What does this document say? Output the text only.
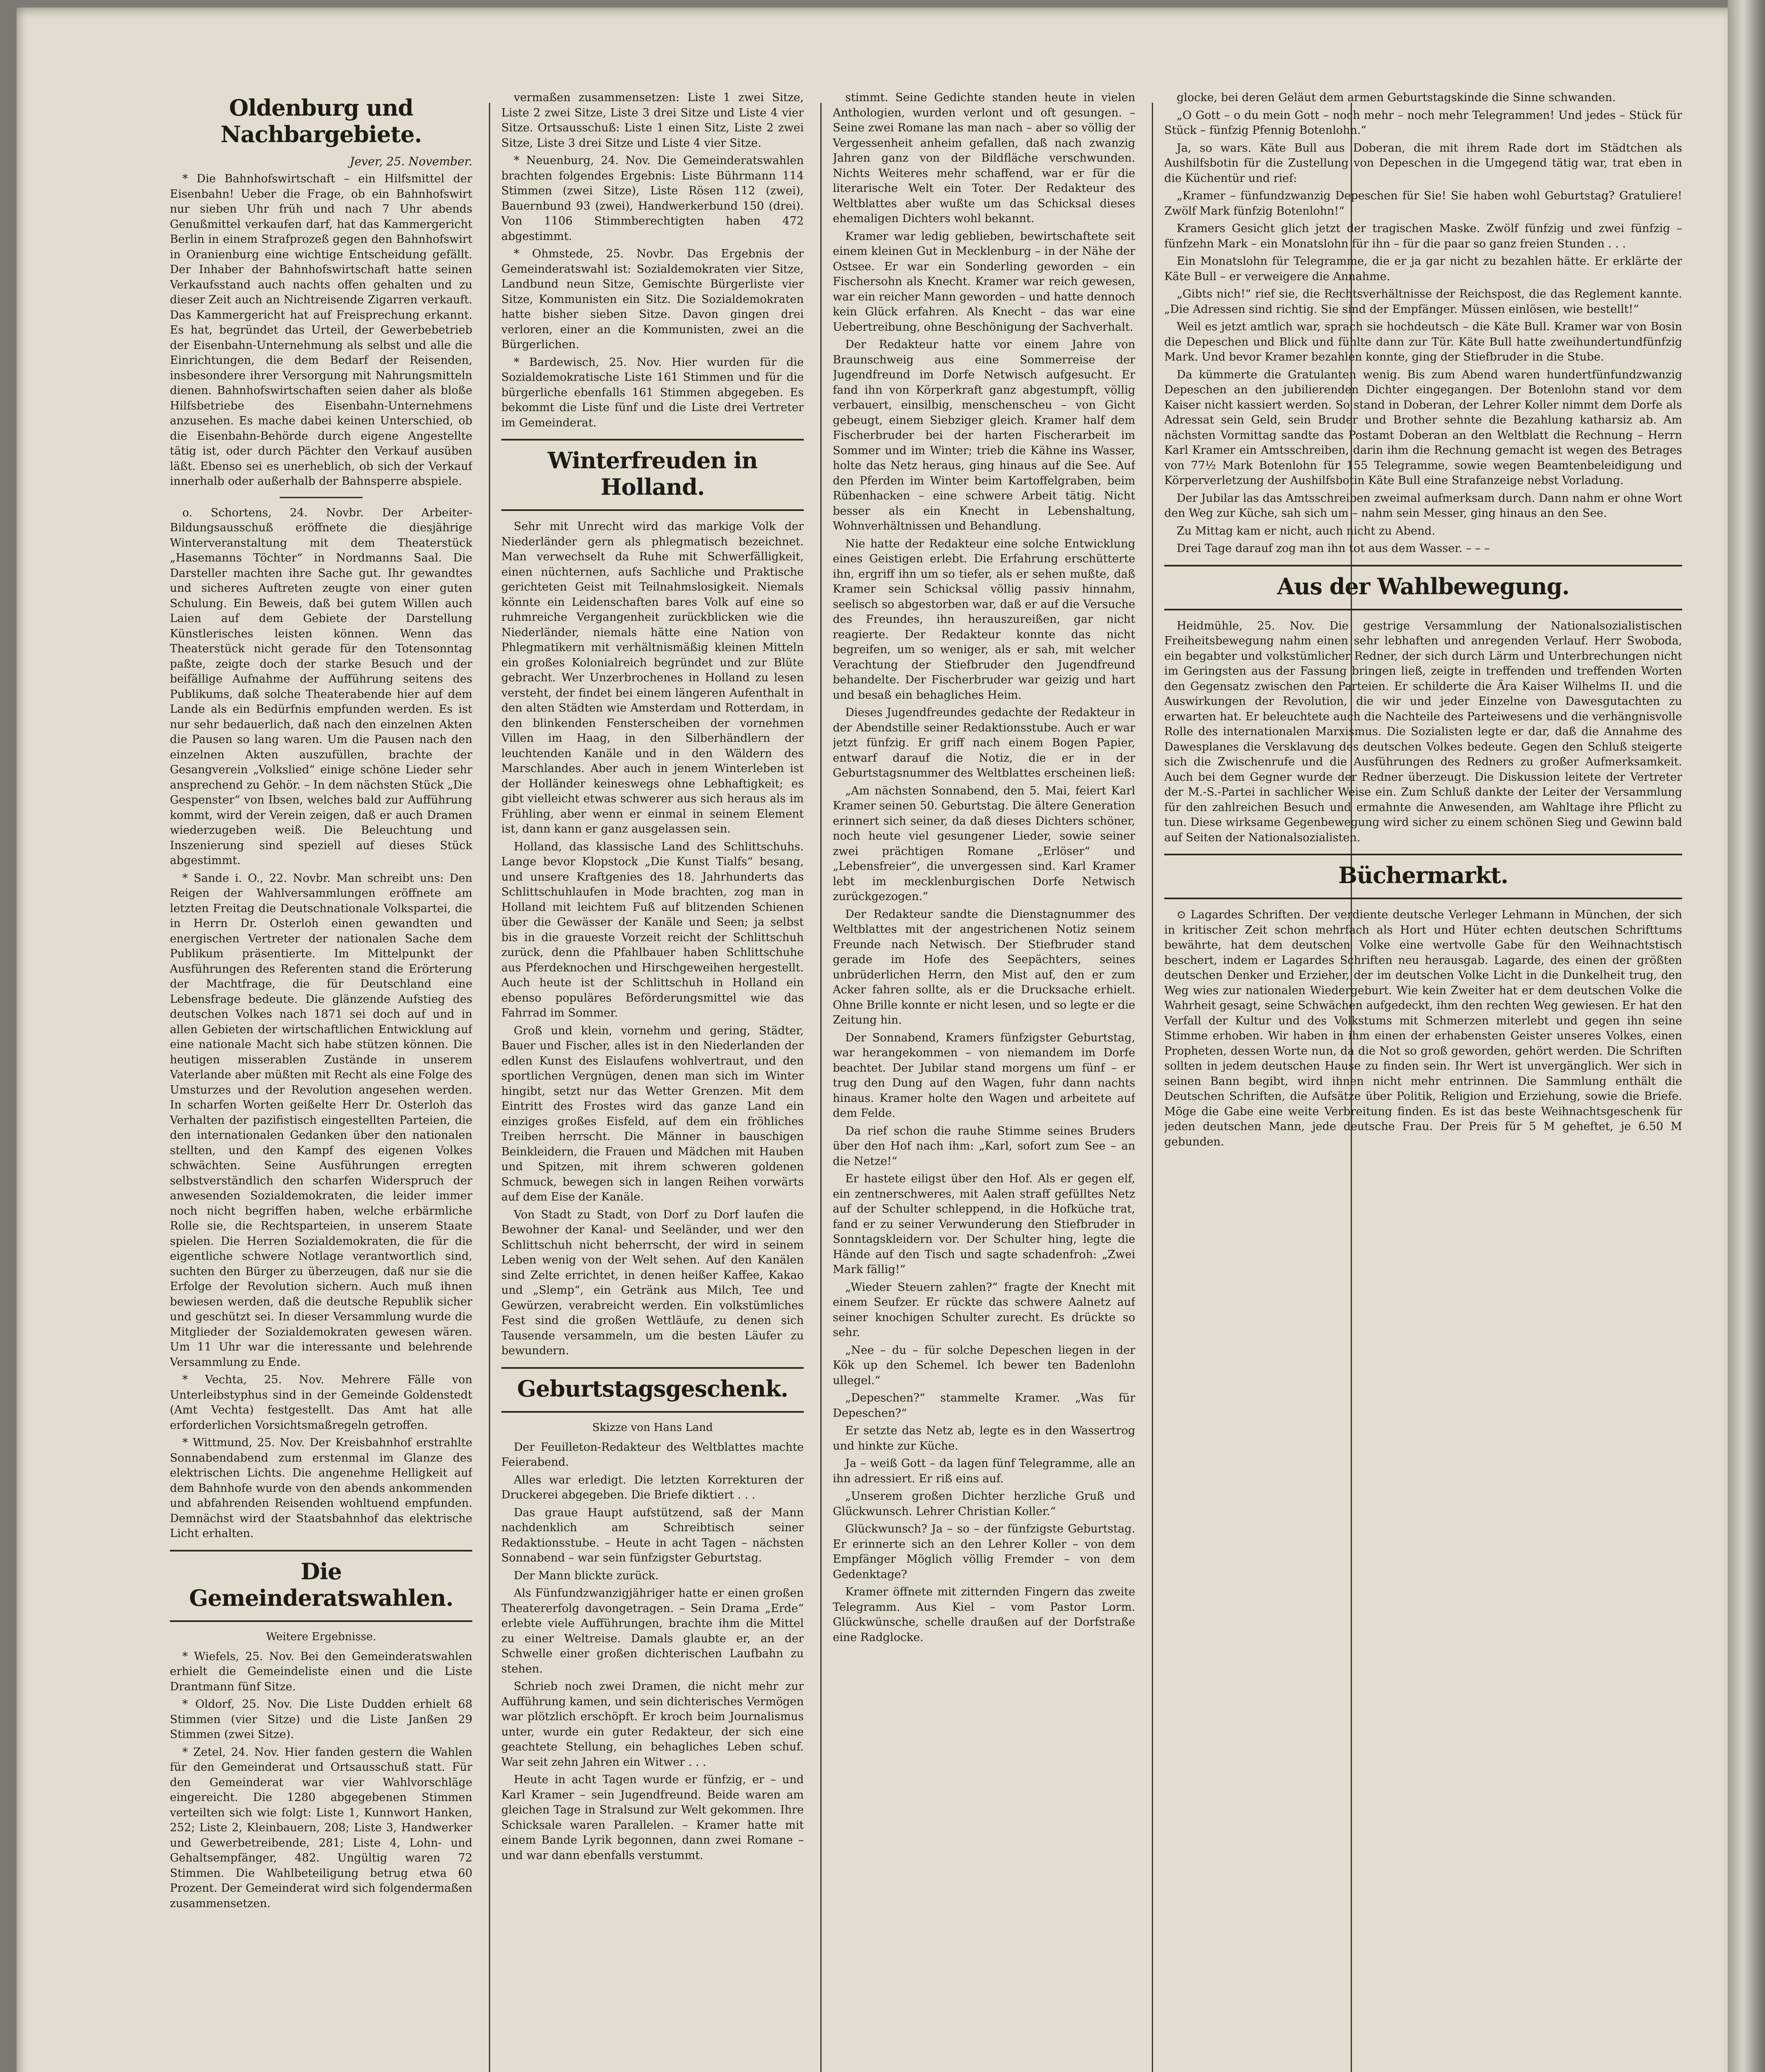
Oldenburg und Nachbargebiete.
Jever, 25. November.

* Die Bahnhofswirtschaft – ein Hilfsmittel der Eisenbahn! Ueber die Frage, ob ein Bahnhofswirt nur sieben Uhr früh und nach 7 Uhr abends Genußmittel verkaufen darf, hat das Kammergericht Berlin in einem Strafprozeß gegen den Bahnhofswirt in Oranienburg eine wichtige Entscheidung gefällt. Der Inhaber der Bahnhofswirtschaft hatte seinen Verkaufsstand auch nachts offen gehalten und zu dieser Zeit auch an Nichtreisende Zigarren verkauft. Das Kammergericht hat auf Freisprechung erkannt. Es hat, begründet das Urteil, der Gewerbebetrieb der Eisenbahn-Unternehmung als selbst und alle die Einrichtungen, die dem Bedarf der Reisenden, insbesondere ihrer Versorgung mit Nahrungsmitteln dienen. Bahnhofswirtschaften seien daher als bloße Hilfsbetriebe des Eisenbahn-Unternehmens anzusehen. Es mache dabei keinen Unterschied, ob die Eisenbahn-Behörde durch eigene Angestellte tätig ist, oder durch Pächter den Verkauf ausüben läßt. Ebenso sei es unerheblich, ob sich der Verkauf innerhalb oder außerhalb der Bahnsperre abspiele.

o. Schortens, 24. Novbr. Der Arbeiter-Bildungsausschuß eröffnete die diesjährige Winterveranstaltung mit dem Theaterstück „Hasemanns Töchter“ in Nordmanns Saal. Die Darsteller machten ihre Sache gut. Ihr gewandtes und sicheres Auftreten zeugte von einer guten Schulung. Ein Beweis, daß bei gutem Willen auch Laien auf dem Gebiete der Darstellung Künstlerisches leisten können. Wenn das Theaterstück nicht gerade für den Totensonntag paßte, zeigte doch der starke Besuch und der beifällige Aufnahme der Aufführung seitens des Publikums, daß solche Theaterabende hier auf dem Lande als ein Bedürfnis empfunden werden. Es ist nur sehr bedauerlich, daß nach den einzelnen Akten die Pausen so lang waren. Um die Pausen nach den einzelnen Akten auszufüllen, brachte der Gesangverein „Volkslied“ einige schöne Lieder sehr ansprechend zu Gehör. – In dem nächsten Stück „Die Gespenster“ von Ibsen, welches bald zur Aufführung kommt, wird der Verein zeigen, daß er auch Dramen wiederzugeben weiß. Die Beleuchtung und Inszenierung sind speziell auf dieses Stück abgestimmt.

* Sande i. O., 22. Novbr. Man schreibt uns: Den Reigen der Wahlversammlungen eröffnete am letzten Freitag die Deutschnationale Volkspartei, die in Herrn Dr. Osterloh einen gewandten und energischen Vertreter der nationalen Sache dem Publikum präsentierte. Im Mittelpunkt der Ausführungen des Referenten stand die Erörterung der Machtfrage, die für Deutschland eine Lebensfrage bedeute. Die glänzende Aufstieg des deutschen Volkes nach 1871 sei doch auf und in allen Gebieten der wirtschaftlichen Entwicklung auf eine nationale Macht sich habe stützen können. Die heutigen misserablen Zustände in unserem Vaterlande aber müßten mit Recht als eine Folge des Umsturzes und der Revolution angesehen werden. In scharfen Worten geißelte Herr Dr. Osterloh das Verhalten der pazifistisch eingestellten Parteien, die den internationalen Gedanken über den nationalen stellten, und den Kampf des eigenen Volkes schwächten. Seine Ausführungen erregten selbstverständlich den scharfen Widerspruch der anwesenden Sozialdemokraten, die leider immer noch nicht begriffen haben, welche erbärmliche Rolle sie, die Rechtsparteien, in unserem Staate spielen. Die Herren Sozialdemokraten, die für die eigentliche schwere Notlage verantwortlich sind, suchten den Bürger zu überzeugen, daß nur sie die Erfolge der Revolution sichern. Auch muß ihnen bewiesen werden, daß die deutsche Republik sicher und geschützt sei. In dieser Versammlung wurde die Mitglieder der Sozialdemokraten gewesen wären. Um 11 Uhr war die interessante und belehrende Versammlung zu Ende.

* Vechta, 25. Nov. Mehrere Fälle von Unterleibstyphus sind in der Gemeinde Goldenstedt (Amt Vechta) festgestellt. Das Amt hat alle erforderlichen Vorsichtsmaßregeln getroffen.

* Wittmund, 25. Nov. Der Kreisbahnhof erstrahlte Sonnabendabend zum erstenmal im Glanze des elektrischen Lichts. Die angenehme Helligkeit auf dem Bahnhofe wurde von den abends ankommenden und abfahrenden Reisenden wohltuend empfunden. Demnächst wird der Staatsbahnhof das elektrische Licht erhalten.

Die Gemeinderatswahlen.
Weitere Ergebnisse.

* Wiefels, 25. Nov. Bei den Gemeinderatswahlen erhielt die Gemeindeliste einen und die Liste Drantmann fünf Sitze.

* Oldorf, 25. Nov. Die Liste Dudden erhielt 68 Stimmen (vier Sitze) und die Liste Janßen 29 Stimmen (zwei Sitze).

* Zetel, 24. Nov. Hier fanden gestern die Wahlen für den Gemeinderat und Ortsausschuß statt. Für den Gemeinderat war vier Wahlvorschläge eingereicht. Die 1280 abgegebenen Stimmen verteilten sich wie folgt: Liste 1, Kunnwort Hanken, 252; Liste 2, Kleinbauern, 208; Liste 3, Handwerker und Gewerbetreibende, 281; Liste 4, Lohn- und Gehaltsempfänger, 482. Ungültig waren 72 Stimmen. Die Wahlbeteiligung betrug etwa 60 Prozent. Der Gemeinderat wird sich folgendermaßen zusammensetzen.

vermaßen zusammensetzen: Liste 1 zwei Sitze, Liste 2 zwei Sitze, Liste 3 drei Sitze und Liste 4 vier Sitze. Ortsausschuß: Liste 1 einen Sitz, Liste 2 zwei Sitze, Liste 3 drei Sitze und Liste 4 vier Sitze.

* Neuenburg, 24. Nov. Die Gemeinderatswahlen brachten folgendes Ergebnis: Liste Bührmann 114 Stimmen (zwei Sitze), Liste Rösen 112 (zwei), Bauernbund 93 (zwei), Handwerkerbund 150 (drei). Von 1106 Stimmberechtigten haben 472 abgestimmt.

* Ohmstede, 25. Novbr. Das Ergebnis der Gemeinderatswahl ist: Sozialdemokraten vier Sitze, Landbund neun Sitze, Gemischte Bürgerliste vier Sitze, Kommunisten ein Sitz. Die Sozialdemokraten hatte bisher sieben Sitze. Davon gingen drei verloren, einer an die Kommunisten, zwei an die Bürgerlichen.

* Bardewisch, 25. Nov. Hier wurden für die Sozialdemokratische Liste 161 Stimmen und für die bürgerliche ebenfalls 161 Stimmen abgegeben. Es bekommt die Liste fünf und die Liste drei Vertreter im Gemeinderat.

Winterfreuden in Holland.

Sehr mit Unrecht wird das markige Volk der Niederländer gern als phlegmatisch bezeichnet. Man verwechselt da Ruhe mit Schwerfälligkeit, einen nüchternen, aufs Sachliche und Praktische gerichteten Geist mit Teilnahmslosigkeit. Niemals könnte ein Leidenschaften bares Volk auf eine so ruhmreiche Vergangenheit zurückblicken wie die Niederländer, niemals hätte eine Nation von Phlegmatikern mit verhältnismäßig kleinen Mitteln ein großes Kolonialreich begründet und zur Blüte gebracht. Wer Unzerbrochenes in Holland zu lesen versteht, der findet bei einem längeren Aufenthalt in den alten Städten wie Amsterdam und Rotterdam, in den blinkenden Fensterscheiben der vornehmen Villen im Haag, in den Silberhändlern der leuchtenden Kanäle und in den Wäldern des Marschlandes. Aber auch in jenem Winterleben ist der Holländer keineswegs ohne Lebhaftigkeit; es gibt vielleicht etwas schwerer aus sich heraus als im Frühling, aber wenn er einmal in seinem Element ist, dann kann er ganz ausgelassen sein.

Holland, das klassische Land des Schlittschuhs. Lange bevor Klopstock „Die Kunst Tialfs“ besang, und unsere Kraftgenies des 18. Jahrhunderts das Schlittschuhlaufen in Mode brachten, zog man in Holland mit leichtem Fuß auf blitzenden Schienen über die Gewässer der Kanäle und Seen; ja selbst bis in die graueste Vorzeit reicht der Schlittschuh zurück, denn die Pfahlbauer haben Schlittschuhe aus Pferdeknochen und Hirschgeweihen hergestellt. Auch heute ist der Schlittschuh in Holland ein ebenso populäres Beförderungsmittel wie das Fahrrad im Sommer.

Groß und klein, vornehm und gering, Städter, Bauer und Fischer, alles ist in den Niederlanden der edlen Kunst des Eislaufens wohlvertraut, und den sportlichen Vergnügen, denen man sich im Winter hingibt, setzt nur das Wetter Grenzen. Mit dem Eintritt des Frostes wird das ganze Land ein einziges großes Eisfeld, auf dem ein fröhliches Treiben herrscht. Die Männer in bauschigen Beinkleidern, die Frauen und Mädchen mit Hauben und Spitzen, mit ihrem schweren goldenen Schmuck, bewegen sich in langen Reihen vorwärts auf dem Eise der Kanäle.

Von Stadt zu Stadt, von Dorf zu Dorf laufen die Bewohner der Kanal- und Seeländer, und wer den Schlittschuh nicht beherrscht, der wird in seinem Leben wenig von der Welt sehen. Auf den Kanälen sind Zelte errichtet, in denen heißer Kaffee, Kakao und „Slemp“, ein Getränk aus Milch, Tee und Gewürzen, verabreicht werden. Ein volkstümliches Fest sind die großen Wettläufe, zu denen sich Tausende versammeln, um die besten Läufer zu bewundern.

Geburtstagsgeschenk.
Skizze von Hans Land

Der Feuilleton-Redakteur des Weltblattes machte Feierabend.

Alles war erledigt. Die letzten Korrekturen der Druckerei abgegeben. Die Briefe diktiert . . .

Das graue Haupt aufstützend, saß der Mann nachdenklich am Schreibtisch seiner Redaktionsstube. – Heute in acht Tagen – nächsten Sonnabend – war sein fünfzigster Geburtstag.

Der Mann blickte zurück.

Als Fünfundzwanzigjähriger hatte er einen großen Theatererfolg davongetragen. – Sein Drama „Erde“ erlebte viele Aufführungen, brachte ihm die Mittel zu einer Weltreise. Damals glaubte er, an der Schwelle einer großen dichterischen Laufbahn zu stehen.

Schrieb noch zwei Dramen, die nicht mehr zur Aufführung kamen, und sein dichterisches Vermögen war plötzlich erschöpft. Er kroch beim Journalismus unter, wurde ein guter Redakteur, der sich eine geachtete Stellung, ein behagliches Leben schuf. War seit zehn Jahren ein Witwer . . .

Heute in acht Tagen wurde er fünfzig, er – und Karl Kramer – sein Jugendfreund. Beide waren am gleichen Tage in Stralsund zur Welt gekommen. Ihre Schicksale waren Parallelen. – Kramer hatte mit einem Bande Lyrik begonnen, dann zwei Romane – und war dann ebenfalls verstummt.

stimmt. Seine Gedichte standen heute in vielen Anthologien, wurden verlont und oft gesungen. – Seine zwei Romane las man nach – aber so völlig der Vergessenheit anheim gefallen, daß nach zwanzig Jahren ganz von der Bildfläche verschwunden. Nichts Weiteres mehr schaffend, war er für die literarische Welt ein Toter. Der Redakteur des Weltblattes aber wußte um das Schicksal dieses ehemaligen Dichters wohl bekannt.

Kramer war ledig geblieben, bewirtschaftete seit einem kleinen Gut in Mecklenburg – in der Nähe der Ostsee. Er war ein Sonderling geworden – ein Fischersohn als Knecht. Kramer war reich gewesen, war ein reicher Mann geworden – und hatte dennoch kein Glück erfahren. Als Knecht – das war eine Uebertreibung, ohne Beschönigung der Sachverhalt.

Der Redakteur hatte vor einem Jahre von Braunschweig aus eine Sommerreise der Jugendfreund im Dorfe Netwisch aufgesucht. Er fand ihn von Körperkraft ganz abgestumpft, völlig verbauert, einsilbig, menschenscheu – von Gicht gebeugt, einem Siebziger gleich. Kramer half dem Fischerbruder bei der harten Fischerarbeit im Sommer und im Winter; trieb die Kähne ins Wasser, holte das Netz heraus, ging hinaus auf die See. Auf den Pferden im Winter beim Kartoffelgraben, beim Rübenhacken – eine schwere Arbeit tätig. Nicht besser als ein Knecht in Lebenshaltung, Wohnverhältnissen und Behandlung.

Nie hatte der Redakteur eine solche Entwicklung eines Geistigen erlebt. Die Erfahrung erschütterte ihn, ergriff ihn um so tiefer, als er sehen mußte, daß Kramer sein Schicksal völlig passiv hinnahm, seelisch so abgestorben war, daß er auf die Versuche des Freundes, ihn herauszureißen, gar nicht reagierte. Der Redakteur konnte das nicht begreifen, um so weniger, als er sah, mit welcher Verachtung der Stiefbruder den Jugendfreund behandelte. Der Fischerbruder war geizig und hart und besaß ein behagliches Heim.

Dieses Jugendfreundes gedachte der Redakteur in der Abendstille seiner Redaktionsstube. Auch er war jetzt fünfzig. Er griff nach einem Bogen Papier, entwarf darauf die Notiz, die er in der Geburtstagsnummer des Weltblattes erscheinen ließ:

„Am nächsten Sonnabend, den 5. Mai, feiert Karl Kramer seinen 50. Geburtstag. Die ältere Generation erinnert sich seiner, da daß dieses Dichters schöner, noch heute viel gesungener Lieder, sowie seiner zwei prächtigen Romane „Erlöser“ und „Lebensfreier“, die unvergessen sind. Karl Kramer lebt im mecklenburgischen Dorfe Netwisch zurückgezogen.“

Der Redakteur sandte die Dienstagnummer des Weltblattes mit der angestrichenen Notiz seinem Freunde nach Netwisch. Der Stiefbruder stand gerade im Hofe des Seepächters, seines unbrüderlichen Herrn, den Mist auf, den er zum Acker fahren sollte, als er die Drucksache erhielt. Ohne Brille konnte er nicht lesen, und so legte er die Zeitung hin.

Der Sonnabend, Kramers fünfzigster Geburtstag, war herangekommen – von niemandem im Dorfe beachtet. Der Jubilar stand morgens um fünf – er trug den Dung auf den Wagen, fuhr dann nachts hinaus. Kramer holte den Wagen und arbeitete auf dem Felde.

Da rief schon die rauhe Stimme seines Bruders über den Hof nach ihm: „Karl, sofort zum See – an die Netze!“

Er hastete eiligst über den Hof. Als er gegen elf, ein zentnerschweres, mit Aalen straff gefülltes Netz auf der Schulter schleppend, in die Hofküche trat, fand er zu seiner Verwunderung den Stiefbruder in Sonntagskleidern vor. Der Schulter hing, legte die Hände auf den Tisch und sagte schadenfroh: „Zwei Mark fällig!“

„Wieder Steuern zahlen?“ fragte der Knecht mit einem Seufzer. Er rückte das schwere Aalnetz auf seiner knochigen Schulter zurecht. Es drückte so sehr.

„Nee – du – für solche Depeschen liegen in der Kök up den Schemel. Ich bewer ten Badenlohn ullegel.“

„Depeschen?“ stammelte Kramer. „Was für Depeschen?“

Er setzte das Netz ab, legte es in den Wassertrog und hinkte zur Küche.

Ja – weiß Gott – da lagen fünf Telegramme, alle an ihn adressiert. Er riß eins auf.

„Unserem großen Dichter herzliche Gruß und Glückwunsch. Lehrer Christian Koller.“

Glückwunsch? Ja – so – der fünfzigste Geburtstag. Er erinnerte sich an den Lehrer Koller – von dem Empfänger Möglich völlig Fremder – von dem Gedenktage?

Kramer öffnete mit zitternden Fingern das zweite Telegramm. Aus Kiel – vom Pastor Lorm. Glückwünsche, schelle draußen auf der Dorfstraße eine Radglocke.

glocke, bei deren Geläut dem armen Geburtstagskinde die Sinne schwanden.

„O Gott – o du mein Gott – noch mehr – noch mehr Telegrammen! Und jedes – Stück für Stück – fünfzig Pfennig Botenlohn.“

Ja, so wars. Käte Bull aus Doberan, die mit ihrem Rade dort im Städtchen als Aushilfsbotin für die Zustellung von Depeschen in die Umgegend tätig war, trat eben in die Küchentür und rief:

„Kramer – fünfundzwanzig Depeschen für Sie! Sie haben wohl Geburtstag? Gratuliere! Zwölf Mark fünfzig Botenlohn!“

Kramers Gesicht glich jetzt der tragischen Maske. Zwölf fünfzig und zwei fünfzig – fünfzehn Mark – ein Monatslohn für ihn – für die paar so ganz freien Stunden . . .

Ein Monatslohn für Telegramme, die er ja gar nicht zu bezahlen hätte. Er erklärte der Käte Bull – er verweigere die Annahme.

„Gibts nich!“ rief sie, die Rechtsverhältnisse der Reichspost, die das Reglement kannte. „Die Adressen sind richtig. Sie sind der Empfänger. Müssen einlösen, wie bestellt!“

Weil es jetzt amtlich war, sprach sie hochdeutsch – die Käte Bull. Kramer war von Bosin die Depeschen und Blick und fühlte dann zur Tür. Käte Bull hatte zweihundertundfünfzig Mark. Und bevor Kramer bezahlen konnte, ging der Stiefbruder in die Stube.

Da kümmerte die Gratulanten wenig. Bis zum Abend waren hundertfünfundzwanzig Depeschen an den jubilierenden Dichter eingegangen. Der Botenlohn stand vor dem Kaiser nicht kassiert werden. So stand in Doberan, der Lehrer Koller nimmt dem Dorfe als Adressat sein Geld, sein Bruder und Brother sehnte die Bezahlung katharsiz ab. Am nächsten Vormittag sandte das Postamt Doberan an den Weltblatt die Rechnung – Herrn Karl Kramer ein Amtsschreiben, darin ihm die Rechnung gemacht ist wegen des Betrages von 77½ Mark Botenlohn für 155 Telegramme, sowie wegen Beamtenbeleidigung und Körperverletzung der Aushilfsbotin Käte Bull eine Strafanzeige nebst Vorladung.

Der Jubilar las das Amtsschreiben zweimal aufmerksam durch. Dann nahm er ohne Wort den Weg zur Küche, sah sich um – nahm sein Messer, ging hinaus an den See.

Zu Mittag kam er nicht, auch nicht zu Abend.

Drei Tage darauf zog man ihn tot aus dem Wasser. – – –

Aus der Wahlbewegung.

Heidmühle, 25. Nov. Die gestrige Versammlung der Nationalsozialistischen Freiheitsbewegung nahm einen sehr lebhaften und anregenden Verlauf. Herr Swoboda, ein begabter und volkstümlicher Redner, der sich durch Lärm und Unterbrechungen nicht im Geringsten aus der Fassung bringen ließ, zeigte in treffenden und treffenden Worten den Gegensatz zwischen den Parteien. Er schilderte die Ära Kaiser Wilhelms II. und die Auswirkungen der Revolution, die wir und jeder Einzelne von Dawesgutachten zu erwarten hat. Er beleuchtete auch die Nachteile des Parteiwesens und die verhängnisvolle Rolle des internationalen Marxismus. Die Sozialisten legte er dar, daß die Annahme des Dawesplanes die Versklavung des deutschen Volkes bedeute. Gegen den Schluß steigerte sich die Zwischenrufe und die Ausführungen des Redners zu großer Aufmerksamkeit. Auch bei dem Gegner wurde der Redner überzeugt. Die Diskussion leitete der Vertreter der M.-S.-Partei in sachlicher Weise ein. Zum Schluß dankte der Leiter der Versammlung für den zahlreichen Besuch und ermahnte die Anwesenden, am Wahltage ihre Pflicht zu tun. Diese wirksame Gegenbewegung wird sicher zu einem schönen Sieg und Gewinn bald auf Seiten der Nationalsozialisten.

Büchermarkt.

⊙ Lagardes Schriften. Der verdiente deutsche Verleger Lehmann in München, der sich in kritischer Zeit schon mehrfach als Hort und Hüter echten deutschen Schrifttums bewährte, hat dem deutschen Volke eine wertvolle Gabe für den Weihnachtstisch beschert, indem er Lagardes Schriften neu herausgab. Lagarde, des einen der größten deutschen Denker und Erzieher, der im deutschen Volke Licht in die Dunkelheit trug, den Weg wies zur nationalen Wiedergeburt. Wie kein Zweiter hat er dem deutschen Volke die Wahrheit gesagt, seine Schwächen aufgedeckt, ihm den rechten Weg gewiesen. Er hat den Verfall der Kultur und des Volkstums mit Schmerzen miterlebt und gegen ihn seine Stimme erhoben. Wir haben in ihm einen der erhabensten Geister unseres Volkes, einen Propheten, dessen Worte nun, da die Not so groß geworden, gehört werden. Die Schriften sollten in jedem deutschen Hause zu finden sein. Ihr Wert ist unvergänglich. Wer sich in seinen Bann begibt, wird ihnen nicht mehr entrinnen. Die Sammlung enthält die Deutschen Schriften, die Aufsätze über Politik, Religion und Erziehung, sowie die Briefe. Möge die Gabe eine weite Verbreitung finden. Es ist das beste Weihnachtsgeschenk für jeden deutschen Mann, jede deutsche Frau. Der Preis für 5 M geheftet, je 6.50 M gebunden.
